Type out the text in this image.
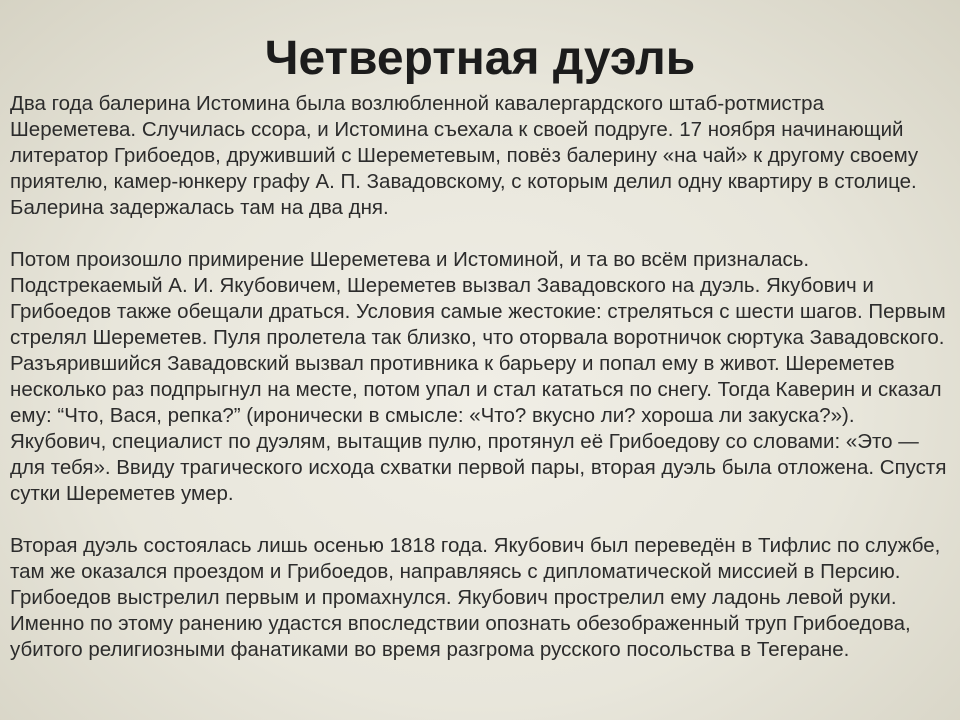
Четвертная дуэль

Два года балерина Истомина была возлюбленной кавалергардского штаб-ротмистра Шереметева. Случилась ссора, и Истомина съехала к своей подруге. 17 ноября начинающий литератор Грибоедов, друживший с Шереметевым, повёз балерину «на чай» к другому своему приятелю, камер-юнкеру графу А. П. Завадовскому, с которым делил одну квартиру в столице. Балерина задержалась там на два дня.

Потом произошло примирение Шереметева и Истоминой, и та во всём призналась. Подстрекаемый А. И. Якубовичем, Шереметев вызвал Завадовского на дуэль. Якубович и Грибоедов также обещали драться. Условия самые жестокие: стреляться с шести шагов. Первым стрелял Шереметев. Пуля пролетела так близко, что оторвала воротничок сюртука Завадовского. Разъярившийся Завадовский вызвал противника к барьеру и попал ему в живот. Шереметев несколько раз подпрыгнул на месте, потом упал и стал кататься по снегу. Тогда Каверин и сказал ему: “Что, Вася, репка?” (иронически в смысле: «Что? вкусно ли? хороша ли закуска?»). Якубович, специалист по дуэлям, вытащив пулю, протянул её Грибоедову со словами: «Это — для тебя». Ввиду трагического исхода схватки первой пары, вторая дуэль была отложена. Спустя сутки Шереметев умер.

Вторая дуэль состоялась лишь осенью 1818 года. Якубович был переведён в Тифлис по службе, там же оказался проездом и Грибоедов, направляясь с дипломатической миссией в Персию. Грибоедов выстрелил первым и промахнулся. Якубович прострелил ему ладонь левой руки. Именно по этому ранению удастся впоследствии опознать обезображенный труп Грибоедова, убитого религиозными фанатиками во время разгрома русского посольства в Тегеране.
